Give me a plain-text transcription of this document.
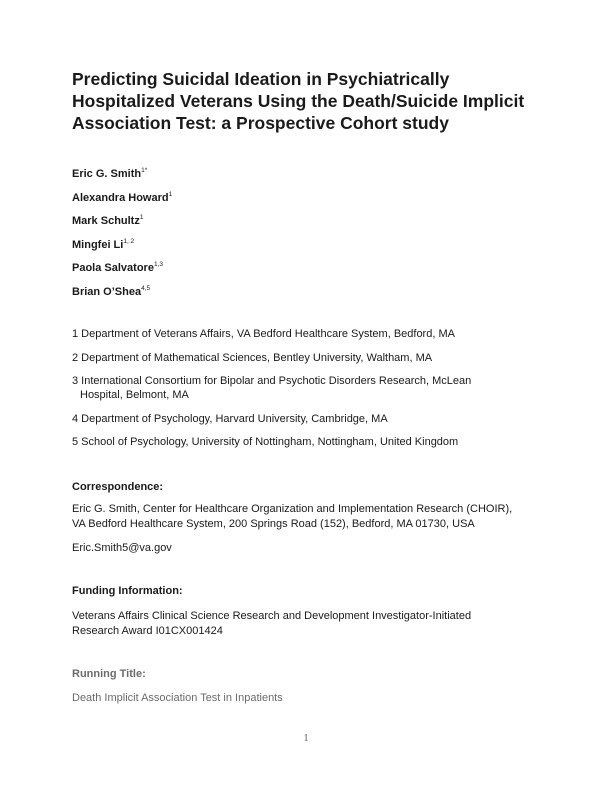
Predicting Suicidal Ideation in Psychiatrically
Hospitalized Veterans Using the Death/Suicide Implicit
Association Test: a Prospective Cohort study
Eric G. Smith$^{1*}$
Alexandra Howard$^1$
Mark Schultz$^1$
Mingfei Li$^{1, 2}$
Paola Salvatore$^{1,3}$
Brian O’Shea$^{4,5}$
1 Department of Veterans Affairs, VA Bedford Healthcare System, Bedford, MA
2 Department of Mathematical Sciences, Bentley University, Waltham, MA
3 International Consortium for Bipolar and Psychotic Disorders Research, McLean
Hospital, Belmont, MA
4 Department of Psychology, Harvard University, Cambridge, MA
5 School of Psychology, University of Nottingham, Nottingham, United Kingdom
Correspondence:
Eric G. Smith, Center for Healthcare Organization and Implementation Research (CHOIR),
VA Bedford Healthcare System, 200 Springs Road (152), Bedford, MA 01730, USA
Eric.Smith5@va.gov
Funding Information:
Veterans Affairs Clinical Science Research and Development Investigator-Initiated
Research Award I01CX001424
Running Title:
Death Implicit Association Test in Inpatients
1
